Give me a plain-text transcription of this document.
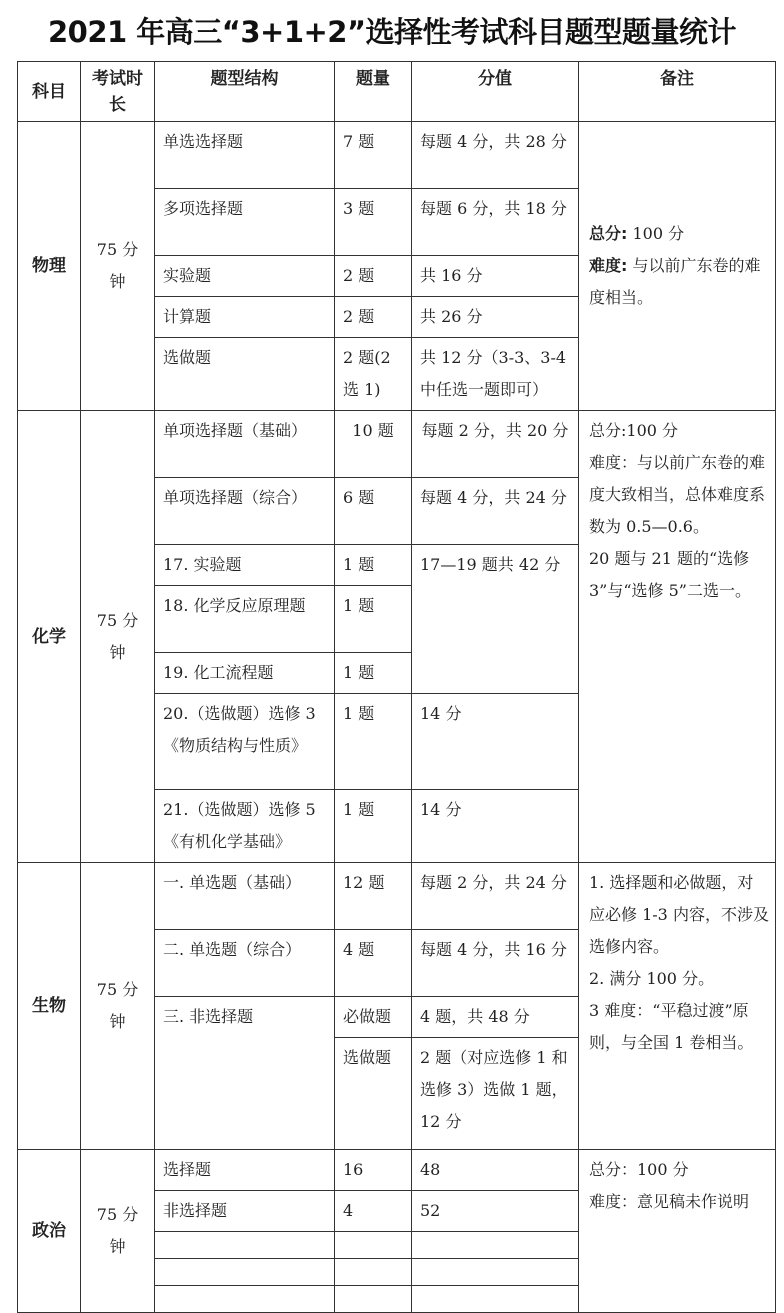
2021 年高三“3+1+2”选择性考试科目题型题量统计
科目	考试时长	题型结构	题量	分值	备注
物理	75 分钟	单选选择题	7 题	每题 4 分，共 28 分	总分: 100 分
难度: 与以前广东卷的难度相当。
		多项选择题	3 题	每题 6 分，共 18 分	
		实验题	2 题	共 16 分	
		计算题	2 题	共 26 分	
		选做题	2 题(2选 1)	共 12 分（3-3、3-4 中任选一题即可）	
化学	75 分钟	单项选择题（基础）	10 题	每题 2 分，共 20 分	总分:100 分
难度：与以前广东卷的难度大致相当，总体难度系数为 0.5—0.6。
20 题与 21 题的“选修 3”与“选修 5”二选一。

		单项选择题（综合）	6 题	每题 4 分，共 24 分	
		17. 实验题	1 题	17—19 题共 42 分	
		18. 化学反应原理题	1 题		
		19. 化工流程题	1 题		
		20.（选做题）选修 3《物质结构与性质》	1 题	14 分	
		21.（选做题）选修 5《有机化学基础》	1 题	14 分	
生物	75 分钟	一. 单选题（基础）	12 题	每题 2 分，共 24 分	1. 选择题和必做题，对应必修 1-3 内容，不涉及选修内容。
2. 满分 100 分。
3 难度：“平稳过渡”原则，与全国 1 卷相当。

		二. 单选题（综合）	4 题	每题 4 分，共 16 分	
		三. 非选择题	必做题	4 题，共 48 分	
			选做题	2 题（对应选修 1 和选修 3）选做 1 题，12 分	
政治	75 分钟	选择题	16	48	总分：100 分
难度：意见稿未作说明

		非选择题	4	52	
